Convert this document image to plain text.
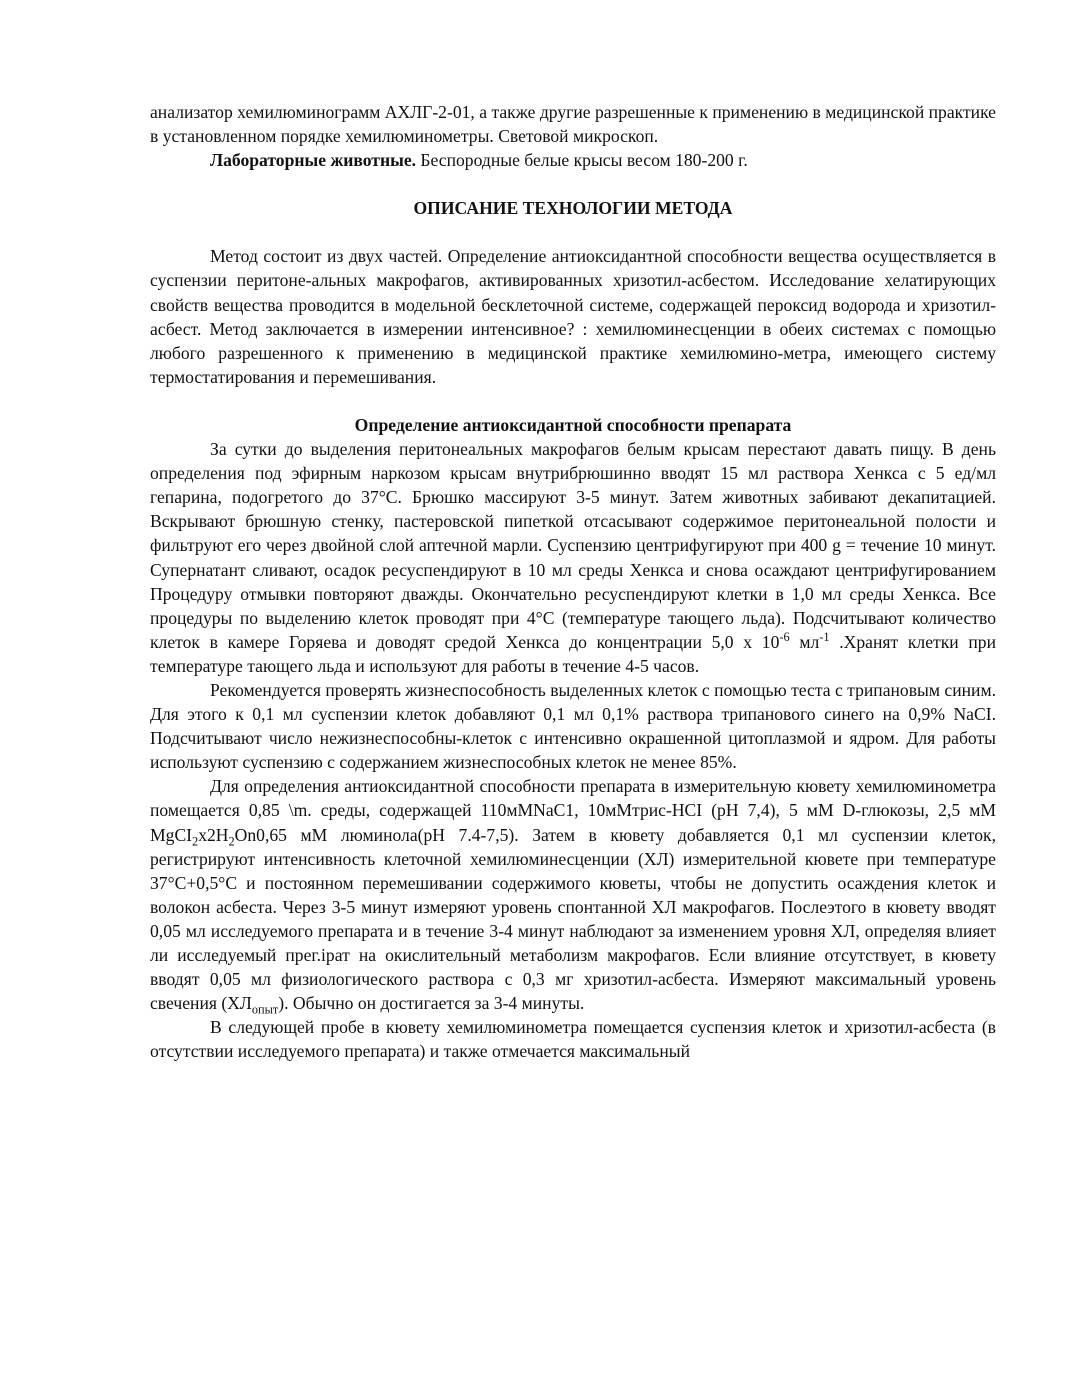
анализатор хемилюминограмм АХЛГ-2-01, а также другие разрешенные к применению в медицинской практике в установленном порядке хемилюминометры. Световой микроскоп.

Лабораторные животные. Беспородные белые крысы весом 180-200 г.

ОПИСАНИЕ ТЕХНОЛОГИИ МЕТОДА

Метод состоит из двух частей. Определение антиоксидантной способности вещества осуществляется в суспензии перитоне-альных макрофагов, активированных хризотил-асбестом. Исследование хелатирующих свойств вещества проводится в модельной бесклеточной системе, содержащей пероксид водорода и хризотил-асбест. Метод заключается в измерении интенсивное? : хемилюминесценции в обеих системах с помощью любого разрешенного к применению в медицинской практике хемилюмино-метра, имеющего систему термостатирования и перемешивания.

Определение антиоксидантной способности препарата

За сутки до выделения перитонеальных макрофагов белым крысам перестают давать пищу. В день определения под эфирным наркозом крысам внутрибрюшинно вводят 15 мл раствора Хенкса с 5 ед/мл гепарина, подогретого до 37°С. Брюшко массируют 3-5 минут. Затем животных забивают декапитацией. Вскрывают брюшную стенку, пастеровской пипеткой отсасывают содержимое перитонеальной полости и фильтруют его через двойной слой аптечной марли. Суспензию центрифугируют при 400 g = течение 10 минут. Супернатант сливают, осадок ресуспендируют в 10 мл среды Хенкса и снова осаждают центрифугированием Процедуру отмывки повторяют дважды. Окончательно ресуспендируют клетки в 1,0 мл среды Хенкса. Все процедуры по выделению клеток проводят при 4°С (температуре тающего льда). Подсчитывают количество клеток в камере Горяева и доводят средой Хенкса до концентрации 5,0 х $10^{-6}$ $мл^{-1}$ .Хранят клетки при температуре тающего льда и используют для работы в течение 4-5 часов.

Рекомендуется проверять жизнеспособность выделенных клеток с помощью теста с трипановым синим. Для этого к 0,1 мл суспензии клеток добавляют 0,1 мл 0,1% раствора трипанового синего на 0,9% NaCI. Подсчитывают число нежизнеспособны-клеток с интенсивно окрашенной цитоплазмой и ядром. Для работы используют суспензию с содержанием жизнеспособных клеток не менее 85%.

Для определения антиоксидантной способности препарата в измерительную кювету хемилюминометра помещается 0,85 \m. среды, содержащей 110мМNaС1, 10мМтрис-НСI (рН 7,4), 5 мМ D-глюкозы, 2,5 мМ $MgCI_2x2H_2On0,65$ мМ люминола(рН 7.4-7,5). Затем в кювету добавляется 0,1 мл суспензии клеток, регистрируют интенсивность клеточной хемилюминесценции (ХЛ) измерительной кювете при температуре 37°С+0,5°С и постоянном перемешивании содержимого кюветы, чтобы не допустить осаждения клеток и волокон асбеста. Через 3-5 минут измеряют уровень спонтанной ХЛ макрофагов. Послеэтого в кювету вводят 0,05 мл исследуемого препарата и в течение 3-4 минут наблюдают за изменением уровня ХЛ, определяя влияет ли исследуемый прег.iрат на окислительный метаболизм макрофагов. Если влияние отсутствует, в кювету вводят 0,05 мл физиологического раствора с 0,3 мг хризотил-асбеста. Измеряют максимальный уровень свечения $(ХЛ_{опыт})$. Обычно он достигается за 3-4 минуты.

В следующей пробе в кювету хемилюминометра помещается суспензия клеток и хризотил-асбеста (в отсутствии исследуемого препарата) и также отмечается максимальный
